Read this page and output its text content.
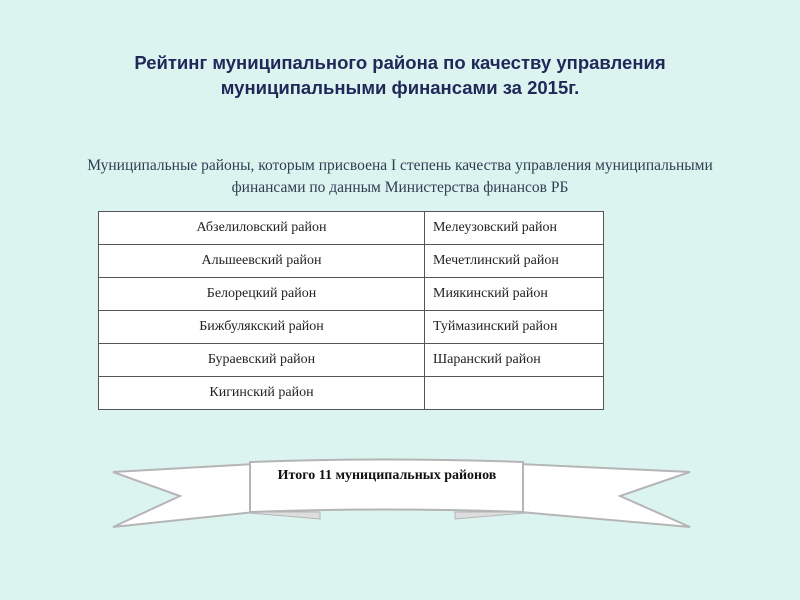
Рейтинг муниципального района по качеству управления муниципальными финансами за 2015г.
Муниципальные районы, которым присвоена I степень качества управления муниципальными финансами по данным Министерства финансов РБ
Абзелиловский район	Мелеузовский район
Альшеевский район	Мечетлинский район
Белорецкий район	Миякинский район
Бижбулякский район	Туймазинский район
Бураевский район	Шаранский район
Кигинский район	
Итого 11 муниципальных районов
